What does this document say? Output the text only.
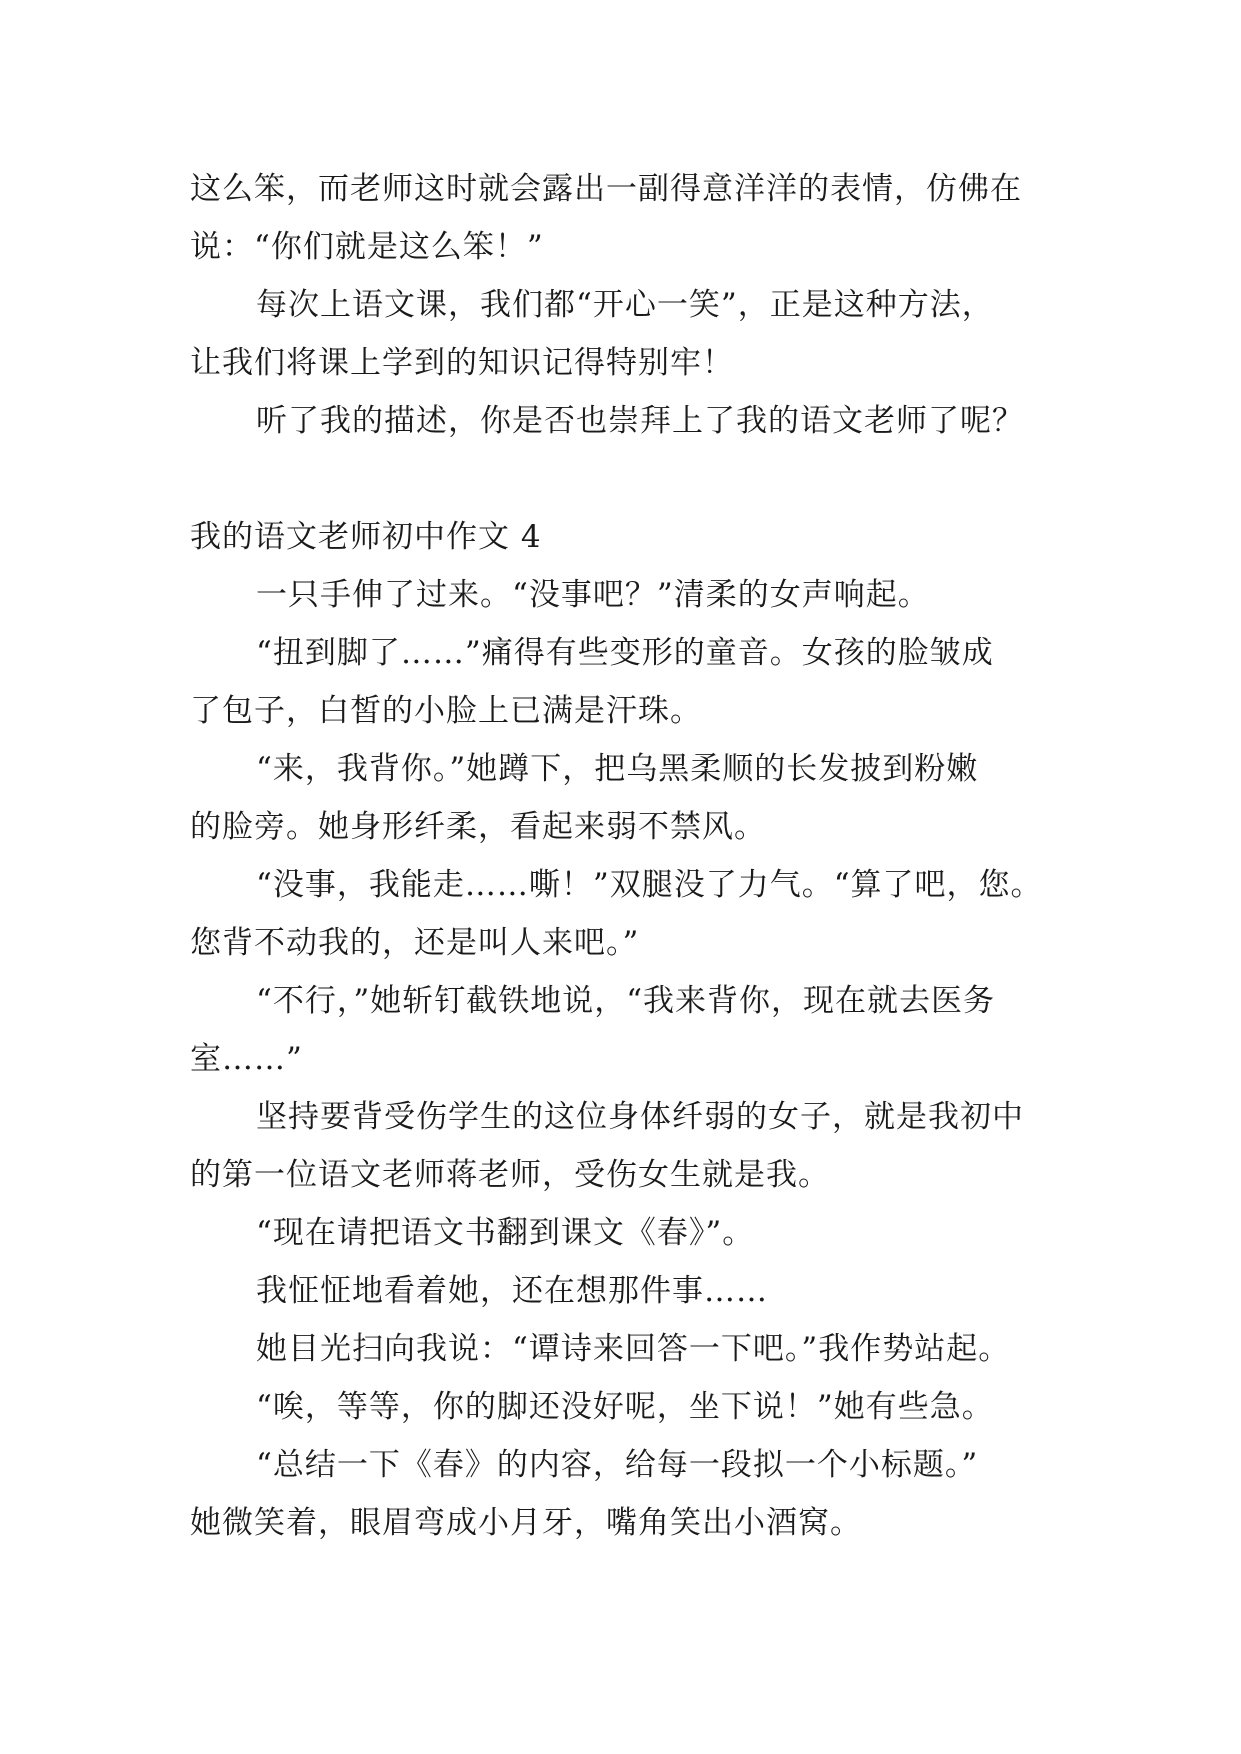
这么笨，而老师这时就会露出一副得意洋洋的表情，仿佛在
说：“你们就是这么笨！”
每次上语文课，我们都“开心一笑”，正是这种方法，
让我们将课上学到的知识记得特别牢！
听了我的描述，你是否也崇拜上了我的语文老师了呢？
我的语文老师初中作文 4
一只手伸了过来。“没事吧？”清柔的女声响起。
“扭到脚了……”痛得有些变形的童音。女孩的脸皱成
了包子，白皙的小脸上已满是汗珠。
“来，我背你。”她蹲下，把乌黑柔顺的长发披到粉嫩
的脸旁。她身形纤柔，看起来弱不禁风。
“没事，我能走……嘶！”双腿没了力气。“算了吧，您。
您背不动我的，还是叫人来吧。”
“不行，”她斩钉截铁地说，“我来背你，现在就去医务
室……”
坚持要背受伤学生的这位身体纤弱的女子，就是我初中
的第一位语文老师蒋老师，受伤女生就是我。
“现在请把语文书翻到课文《春》”。
我怔怔地看着她，还在想那件事……
她目光扫向我说：“谭诗来回答一下吧。”我作势站起。
“唉，等等，你的脚还没好呢，坐下说！”她有些急。
“总结一下《春》的内容，给每一段拟一个小标题。”
她微笑着，眼眉弯成小月牙，嘴角笑出小酒窝。
